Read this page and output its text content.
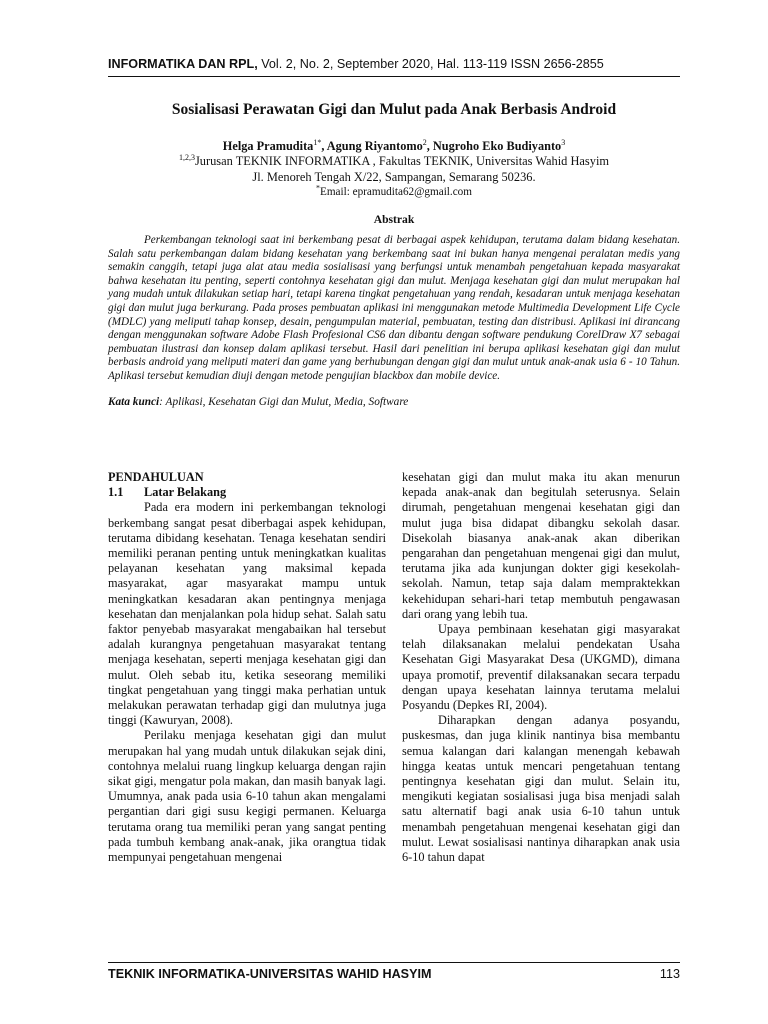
INFORMATIKA DAN RPL, Vol. 2, No. 2, September 2020, Hal. 113-119 ISSN 2656-2855
Sosialisasi Perawatan Gigi dan Mulut pada Anak Berbasis Android
Helga Pramudita$^{1*}$, Agung Riyantomo$^2$, Nugroho Eko Budiyanto$^3$
$^{1,2,3}$Jurusan TEKNIK INFORMATIKA , Fakultas TEKNIK, Universitas Wahid Hasyim
Jl. Menoreh Tengah X/22, Sampangan, Semarang 50236.
*Email: epramudita62@gmail.com
Abstrak

Perkembangan teknologi saat ini berkembang pesat di berbagai aspek kehidupan, terutama dalam bidang kesehatan. Salah satu perkembangan dalam bidang kesehatan yang berkembang saat ini bukan hanya mengenai peralatan medis yang semakin canggih, tetapi juga alat atau media sosialisasi yang berfungsi untuk menambah pengetahuan kepada masyarakat bahwa kesehatan itu penting, seperti contohnya kesehatan gigi dan mulut. Menjaga kesehatan gigi dan mulut merupakan hal yang mudah untuk dilakukan setiap hari, tetapi karena tingkat pengetahuan yang rendah, kesadaran untuk menjaga kesehatan gigi dan mulut juga berkurang. Pada proses pembuatan aplikasi ini menggunakan metode Multimedia Development Life Cycle (MDLC) yang meliputi tahap konsep, desain, pengumpulan material, pembuatan, testing dan distribusi. Aplikasi ini dirancang dengan menggunakan software Adobe Flash Profesional CS6 dan dibantu dengan software pendukung CorelDraw X7 sebagai pembuatan ilustrasi dan konsep dalam aplikasi tersebut. Hasil dari penelitian ini berupa aplikasi kesehatan gigi dan mulut berbasis android yang meliputi materi dan game yang berhubungan dengan gigi dan mulut untuk anak-anak usia 6 - 10 Tahun. Aplikasi tersebut kemudian diuji dengan metode pengujian blackbox dan mobile device.

Kata kunci: Aplikasi, Kesehatan Gigi dan Mulut, Media, Software
PENDAHULUAN
1.1 Latar Belakang

Pada era modern ini perkembangan teknologi berkembang sangat pesat diberbagai aspek kehidupan, terutama dibidang kesehatan. Tenaga kesehatan sendiri memiliki peranan penting untuk meningkatkan kualitas pelayanan kesehatan yang maksimal kepada masyarakat, agar masyarakat mampu untuk meningkatkan kesadaran akan pentingnya menjaga kesehatan dan menjalankan pola hidup sehat. Salah satu faktor penyebab masyarakat mengabaikan hal tersebut adalah kurangnya pengetahuan masyarakat tentang menjaga kesehatan, seperti menjaga kesehatan gigi dan mulut. Oleh sebab itu, ketika seseorang memiliki tingkat pengetahuan yang tinggi maka perhatian untuk melakukan perawatan terhadap gigi dan mulutnya juga tinggi (Kawuryan, 2008).

Perilaku menjaga kesehatan gigi dan mulut merupakan hal yang mudah untuk dilakukan sejak dini, contohnya melalui ruang lingkup keluarga dengan rajin sikat gigi, mengatur pola makan, dan masih banyak lagi. Umumnya, anak pada usia 6-10 tahun akan mengalami pergantian dari gigi susu kegigi permanen. Keluarga terutama orang tua memiliki peran yang sangat penting pada tumbuh kembang anak-anak, jika orangtua tidak mempunyai pengetahuan mengenai

kesehatan gigi dan mulut maka itu akan menurun kepada anak-anak dan begitulah seterusnya. Selain dirumah, pengetahuan mengenai kesehatan gigi dan mulut juga bisa didapat dibangku sekolah dasar. Disekolah biasanya anak-anak akan diberikan pengarahan dan pengetahuan mengenai gigi dan mulut, terutama jika ada kunjungan dokter gigi kesekolah-sekolah. Namun, tetap saja dalam mempraktekkan kekehidupan sehari-hari tetap membutuh pengawasan dari orang yang lebih tua.

Upaya pembinaan kesehatan gigi masyarakat telah dilaksanakan melalui pendekatan Usaha Kesehatan Gigi Masyarakat Desa (UKGMD), dimana upaya promotif, preventif dilaksanakan secara terpadu dengan upaya kesehatan lainnya terutama melalui Posyandu (Depkes RI, 2004).

Diharapkan dengan adanya posyandu, puskesmas, dan juga klinik nantinya bisa membantu semua kalangan dari kalangan menengah kebawah hingga keatas untuk mencari pengetahuan tentang pentingnya kesehatan gigi dan mulut. Selain itu, mengikuti kegiatan sosialisasi juga bisa menjadi salah satu alternatif bagi anak usia 6-10 tahun untuk menambah pengetahuan mengenai kesehatan gigi dan mulut. Lewat sosialisasi nantinya diharapkan anak usia 6-10 tahun dapat

TEKNIK INFORMATIKA-UNIVERSITAS WAHID HASYIM	113
